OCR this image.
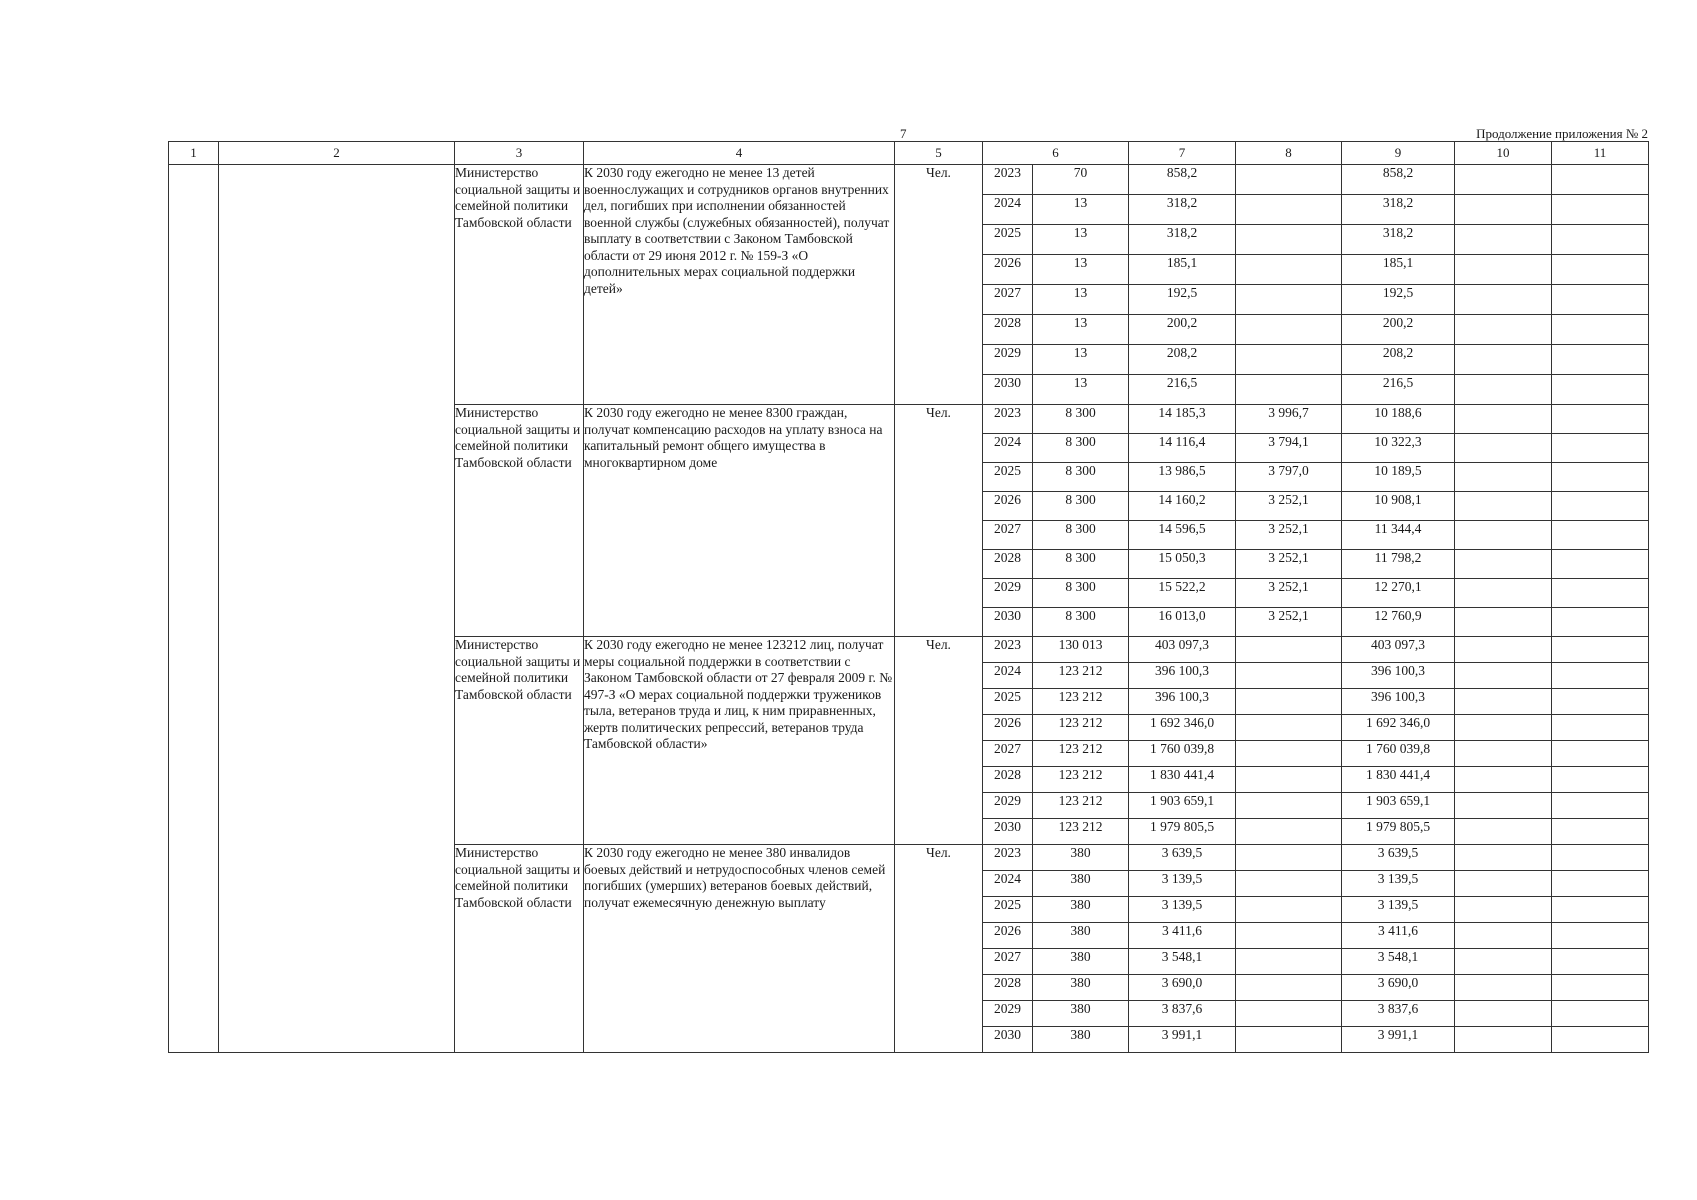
7	Продолжение приложения № 2
1	2	3	4	5	6		7	8	9	10	11
		Министерство социальной защиты и семейной политики Тамбовской области	К 2030 году ежегодно не менее 13 детей военнослужащих и сотрудников органов внутренних дел, погибших при исполнении обязанностей военной службы (служебных обязанностей), получат выплату в соответствии с Законом Тамбовской области от 29 июня 2012 г. № 159-З «О дополнительных мерах социальной поддержки детей»	Чел.	2023	70	858,2		858,2		
					2024	13	318,2		318,2		
					2025	13	318,2		318,2		
					2026	13	185,1		185,1		
					2027	13	192,5		192,5		
					2028	13	200,2		200,2		
					2029	13	208,2		208,2		
					2030	13	216,5		216,5		
		Министерство социальной защиты и семейной политики Тамбовской области	К 2030 году ежегодно не менее 8300 граждан, получат компенсацию расходов на уплату взноса на капитальный ремонт общего имущества в многоквартирном доме	Чел.	2023	8 300	14 185,3	3 996,7	10 188,6		
					2024	8 300	14 116,4	3 794,1	10 322,3		
					2025	8 300	13 986,5	3 797,0	10 189,5		
					2026	8 300	14 160,2	3 252,1	10 908,1		
					2027	8 300	14 596,5	3 252,1	11 344,4		
					2028	8 300	15 050,3	3 252,1	11 798,2		
					2029	8 300	15 522,2	3 252,1	12 270,1		
					2030	8 300	16 013,0	3 252,1	12 760,9		
		Министерство социальной защиты и семейной политики Тамбовской области	К 2030 году ежегодно не менее 123212 лиц, получат меры социальной поддержки в соответствии с Законом Тамбовской области от 27 февраля 2009 г. № 497-З «О мерах социальной поддержки тружеников тыла, ветеранов труда и лиц, к ним приравненных, жертв политических репрессий, ветеранов труда Тамбовской области»	Чел.	2023	130 013	403 097,3		403 097,3		
					2024	123 212	396 100,3		396 100,3		
					2025	123 212	396 100,3		396 100,3		
					2026	123 212	1 692 346,0		1 692 346,0		
					2027	123 212	1 760 039,8		1 760 039,8		
					2028	123 212	1 830 441,4		1 830 441,4		
					2029	123 212	1 903 659,1		1 903 659,1		
					2030	123 212	1 979 805,5		1 979 805,5		
		Министерство социальной защиты и семейной политики Тамбовской области	К 2030 году ежегодно не менее 380 инвалидов боевых действий и нетрудоспособных членов семей погибших (умерших) ветеранов боевых действий, получат ежемесячную денежную выплату	Чел.	2023	380	3 639,5		3 639,5		
					2024	380	3 139,5		3 139,5		
					2025	380	3 139,5		3 139,5		
					2026	380	3 411,6		3 411,6		
					2027	380	3 548,1		3 548,1		
					2028	380	3 690,0		3 690,0		
					2029	380	3 837,6		3 837,6		
					2030	380	3 991,1		3 991,1		
